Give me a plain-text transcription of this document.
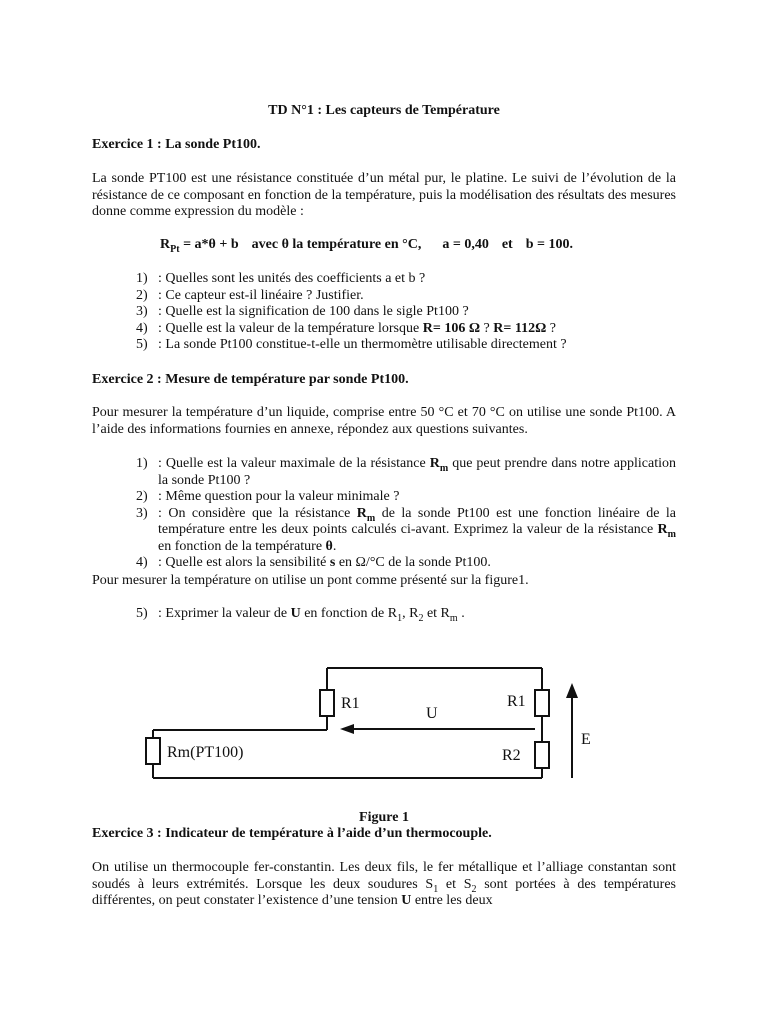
TD N°1 : Les capteurs de Température
Exercice 1 : La sonde Pt100.
La sonde PT100 est une résistance constituée d’un métal pur, le platine. Le suivi de l’évolution de la résistance de ce composant en fonction de la température, puis la modélisation des résultats des mesures donne comme expression du modèle :
$R_{Pt} = a*\theta + b$ avec θ la température en °C, a = 0,40 et b = 100.
1) : Quelles sont les unités des coefficients a et b ?
2) : Ce capteur est-il linéaire ? Justifier.
3) : Quelle est la signification de 100 dans le sigle Pt100 ?
4) : Quelle est la valeur de la température lorsque R= 106 Ω ? R= 112Ω ?
5) : La sonde Pt100 constitue-t-elle un thermomètre utilisable directement ?
Exercice 2 : Mesure de température par sonde Pt100.
Pour mesurer la température d’un liquide, comprise entre 50 °C et 70 °C on utilise une sonde Pt100. A l’aide des informations fournies en annexe, répondez aux questions suivantes.
1) : Quelle est la valeur maximale de la résistance $R_m$ que peut prendre dans notre application la sonde Pt100 ?
2) : Même question pour la valeur minimale ?
3) : On considère que la résistance $R_m$ de la sonde Pt100 est une fonction linéaire de la température entre les deux points calculés ci-avant. Exprimez la valeur de la résistance $R_m$ en fonction de la température θ.
4) : Quelle est alors la sensibilité s en Ω/°C de la sonde Pt100.
Pour mesurer la température on utilise un pont comme présenté sur la figure1.
5) : Exprimer la valeur de U en fonction de $R_1$, $R_2$ et $R_m$ .
R1
U
R1
E
Rm(PT100)	R2
Figure 1
Exercice 3 : Indicateur de température à l’aide d’un thermocouple.
On utilise un thermocouple fer-constantin. Les deux fils, le fer métallique et l’alliage constantan sont soudés à leurs extrémités. Lorsque les deux soudures $S_1$ et $S_2$ sont portées à des températures différentes, on peut constater l’existence d’une tension U entre les deux
